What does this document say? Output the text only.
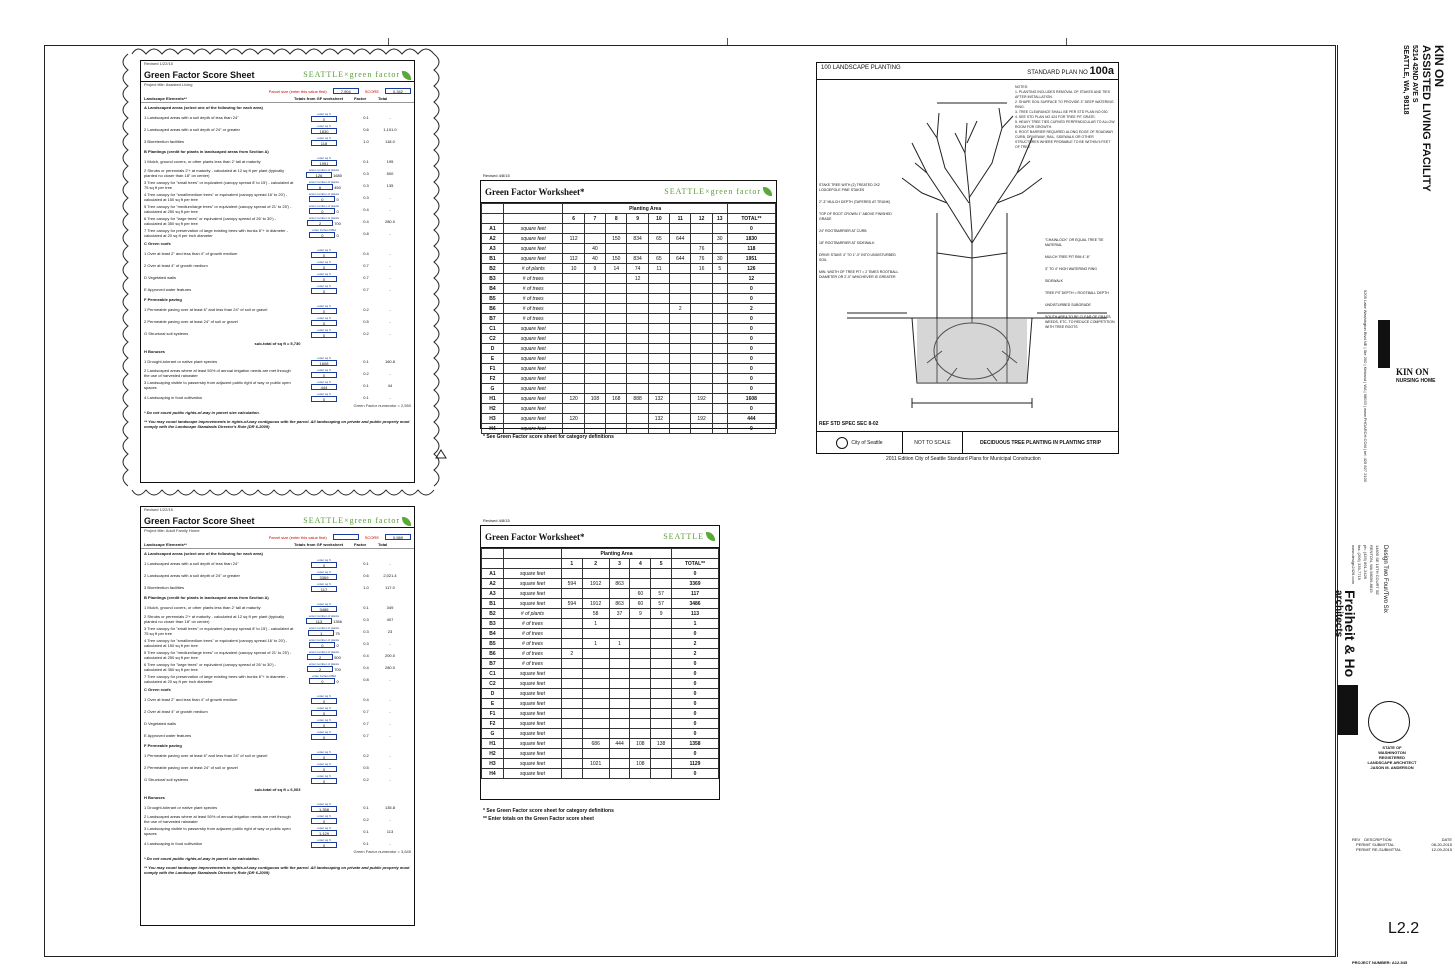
Revised 1/22/15
Green Factor Score Sheet	SEATTLE×green factor
Project title: Assisted Living
Parcel size (enter this value first)	7,904	SCORE	0.342
Landscape Elements**	Totals from GF worksheet	Factor	Total
A Landscaped areas (select one of the following for each area)
1 Landscaped areas with a soil depth of less than 24"
enter sq ft
0	0.1	-
2 Landscaped areas with a soil depth of 24" or greater
enter sq ft
1830	0.6	1,101.0
3 Bioretention facilities
enter sq ft
118	1.0	118.0
B Plantings (credit for plants in landscaped areas from Section A)
1 Mulch, ground covers, or other plants less than 2' tall at maturity
enter sq ft
1951	0.1	195
2 Shrubs or perennials 2'+ at maturity - calculated at 12 sq ft per plant (typically planted no closer than 18" on center)
enter number of plants
126 1680	0.3	500
3 Tree canopy for "small trees" or equivalent (canopy spread 8' to 15') - calculated at 75 sq ft per tree
enter number of plants
6	450	0.3	135
4 Tree canopy for "small/medium trees" or equivalent (canopy spread 16' to 20') - calculated at 150 sq ft per tree
enter number of plants
0	0	0.3	-
5 Tree canopy for "medium/large trees" or equivalent (canopy spread of 21' to 25') - calculated at 250 sq ft per tree
enter number of plants
0	0	0.4	-
6 Tree canopy for "large trees" or equivalent (canopy spread of 26' to 30') - calculated at 350 sq ft per tree
enter number of plants
2	700	0.4	280.0
7 Tree canopy for preservation of large existing trees with trunks 6"+ in diameter - calculated at 20 sq ft per inch diameter
enter inches DBH
0	0	0.8	-
C Green roofs
1 Over at least 2" and less than 4" of growth medium
enter sq ft
0	0.4	-
2 Over at least 4" of growth medium
enter sq ft
0	0.7	-
D Vegetated walls
enter sq ft
0	0.7	-
E Approved water features
enter sq ft
0	0.7	-
F Permeable paving
1 Permeable paving over at least 6" and less than 24" of soil or gravel
enter sq ft
0	0.2	-
2 Permeable paving over at least 24" of soil or gravel
enter sq ft
0	0.5	-
G Structural soil systems
enter sq ft
0	0.2	-
sub-total of sq ft = 5,730
H Bonuses
1 Drought-tolerant or native plant species
enter sq ft
1608	0.1	160.8
2 Landscaped areas where at least 50% of annual irrigation needs are met through the use of harvested rainwater
enter sq ft
0	0.2	-
3 Landscaping visible to passersby from adjacent public right of way or public open spaces
enter sq ft
444	0.1	44
4 Landscaping in food cultivation
enter sq ft
0	0.1	-
Green Factor numerator = 2,550
* Do not count public rights-of-way in parcel size calculation.
** You may count landscape improvements in rights-of-way contiguous with the parcel. All landscaping on private and public property must comply with the Landscape Standards Director's Rule (DR 6-2009)
Revised 1/22/15
Green Factor Score Sheet	SEATTLE×green factor
Project title: Adult Family Home
Parcel size (enter this value first)	SCORE	0.589
Landscape Elements**	Totals from GF worksheet	Factor	Total
A Landscaped areas (select one of the following for each area)
1 Landscaped areas with a soil depth of less than 24"
enter sq ft
0	0.1	-
2 Landscaped areas with a soil depth of 24" or greater
enter sq ft
3369	0.6	2,021.4
3 Bioretention facilities
enter sq ft
117	1.0	117.0
B Plantings (credit for plants in landscaped areas from Section A)
1 Mulch, ground covers, or other plants less than 2' tall at maturity
enter sq ft
3486	0.1	349
2 Shrubs or perennials 2'+ at maturity - calculated at 12 sq ft per plant (typically planted no closer than 18" on center)
enter number of plants
113 1356	0.3	407
3 Tree canopy for "small trees" or equivalent (canopy spread 8' to 15') - calculated at 75 sq ft per tree
enter number of plants
1	75	0.3	23
4 Tree canopy for "small/medium trees" or equivalent (canopy spread 16' to 20') - calculated at 150 sq ft per tree
enter number of plants
0	0	0.3	-
5 Tree canopy for "medium/large trees" or equivalent (canopy spread of 21' to 25') - calculated at 250 sq ft per tree
enter number of plants
2	500	0.4	200.0
6 Tree canopy for "large trees" or equivalent (canopy spread of 26' to 30') - calculated at 350 sq ft per tree
enter number of plants
2	700	0.4	280.0
7 Tree canopy for preservation of large existing trees with trunks 6"+ in diameter - calculated at 20 sq ft per inch diameter
enter inches DBH
0	0	0.8	-
C Green roofs
1 Over at least 2" and less than 4" of growth medium
enter sq ft
0	0.4	-
2 Over at least 4" of growth medium
enter sq ft
0	0.7	-
D Vegetated walls
enter sq ft
0	0.7	-
E Approved water features
enter sq ft
0	0.7	-
F Permeable paving
1 Permeable paving over at least 6" and less than 24" of soil or gravel
enter sq ft
0	0.2	-
2 Permeable paving over at least 24" of soil or gravel
enter sq ft
0	0.5	-
G Structural soil systems
enter sq ft
0	0.2	-
sub-total of sq ft = 6,003
H Bonuses
1 Drought-tolerant or native plant species
enter sq ft
1,358	0.1	135.8
2 Landscaped areas where at least 50% of annual irrigation needs are met through the use of harvested rainwater
enter sq ft
0	0.2	-
3 Landscaping visible to passersby from adjacent public right of way or public open spaces
enter sq ft
1,129	0.1	113
4 Landscaping in food cultivation
enter sq ft
0	0.1	-
Green Factor numerator = 3,645
* Do not count public rights-of-way in parcel size calculation.
** You may count landscape improvements in rights-of-way contiguous with the parcel. All landscaping on private and public property must comply with the Landscape Standards Director's Rule (DR 6-2009)
Revised 4/8/15
Green Factor Worksheet*	SEATTLE×green factor
		Planting Area								
		6	7	8	9	10	11	12	13	TOTAL**
A1	square feet									0
A2	square feet	112		150	834	65	644		30	1830
A3	square feet		40					76		118
B1	square feet	112	40	150	834	65	644	76	30	1951
B2	# of plants	10	9	14	74	11		16	5	126
B3	# of trees				12					12
B4	# of trees									0
B5	# of trees									0
B6	# of trees						2			2
B7	# of trees									0
C1	square feet									0
C2	square feet									0
D	square feet									0
E	square feet									0
F1	square feet									0
F2	square feet									0
G	square feet									0
H1	square feet	120	108	168	888	132		192		1608
H2	square feet									0
H3	square feet	120				132		192		444
H4	square feet									0
* See Green Factor score sheet for category definitions
Revised 4/8/15
Green Factor Worksheet*	SEATTLE
		Planting Area					
		1	2	3	4	5	TOTAL**
A1	square feet						0
A2	square feet	594	1912	863			3369
A3	square feet				60	57	117
B1	square feet	594	1912	863	60	57	3486
B2	# of plants		58	37	9	9	113
B3	# of trees		1				1
B4	# of trees						0
B5	# of trees		1	1			2
B6	# of trees	2					2
B7	# of trees						0
C1	square feet						0
C2	square feet						0
D	square feet						0
E	square feet						0
F1	square feet						0
F2	square feet						0
G	square feet						0
H1	square feet		686	444	108	138	1358
H2	square feet						0
H3	square feet		1021		108		1129
H4	square feet						0
* See Green Factor score sheet for category definitions
** Enter totals on the Green Factor score sheet
100 LANDSCAPE PLANTING
STANDARD PLAN NO 100a
NOTES:
1. PLANTING INCLUDES REMOVAL OF STAKES AND TIES AFTER INSTALLATION.
2. SHAPE SOIL SURFACE TO PROVIDE 3" DEEP WATERING RING.
3. TREE CLEARANCE SHALL BE PER STD PLAN NO 030.
4. SEE STD PLAN NO 424 FOR TREE PIT GRATE.
5. HEAVY TREE TIES CURVED PERPENDICULAR TO ALLOW ROOM FOR GROWTH.
6. ROOT BARRIER REQUIRED ALONG EDGE OF ROADWAY CURB, DRIVEWAY, RAIL, SIDEWALK OR OTHER STRUCTURES WHERE PROBABLE TO BE WITHIN 5 FEET OF TREE.
STAKE TREE WITH (2) TREATED 2X2 LODGEPOLE PINE STAKES
2"-3" MULCH DEPTH (TAPERED AT TRUNK)
TOP OF ROOT CROWN 1" ABOVE FINISHED GRADE
24" ROOTBARRIER AT CURB
18" ROOTBARRIER AT SIDEWALK
DRIVE STAKE 4" TO 1"-0" INTO UNDISTURBED SOIL
MIN. WIDTH OF TREE PIT = 2 TIMES ROOTBALL DIAMETER OR 2'-0" WHICHEVER IS GREATER
"CHAINLOCK" OR EQUAL TREE TIE MATERIAL
MULCH TREE PIT RIM 4"-6"
3" TO 4" HIGH WATERING RING
SIDEWALK
TREE PIT DEPTH = ROOTBALL DEPTH
UNDISTURBED SUBGRADE
SOUTH AREA TO BE CLEAR OF GRASS, WEEDS, ETC. TO REDUCE COMPETITION WITH TREE ROOTS
REF STD SPEC SEC 8-02
City of Seattle	NOT TO SCALE	DECIDUOUS TREE PLANTING IN PLANTING STRIP
2011 Edition City of Seattle Standard Plans for Municipal Construction
KIN ON
ASSISTED LIVING FACILITY
5214 42ND AVE S
SEATTLE, WA, 98118
KIN ON
NURSING HOME
5209 Lake Washington Blvd NE | Ste 200 | Kirkland | WA | 98033 | www.FHOARCH.COM | tel: 425 827 2100
Freiheit & Ho
architects
Design Two Four/Two Six
14835 SE 16TH COURT SE
RENTON, WA 98059-8819
ph: (425) 891-2426
fax: (206) 335-7719
www.design2426.com
STATE OF
WASHINGTON
REGISTERED
LANDSCAPE ARCHITECT
JASON M. ANDERSON
REV DESCRIPTION	DATE
PERMIT SUBMITTAL	08-20-2015
PERMIT RE-SUBMITTAL	12-09-2015
L2.2
PROJECT NUMBER: A12-545
